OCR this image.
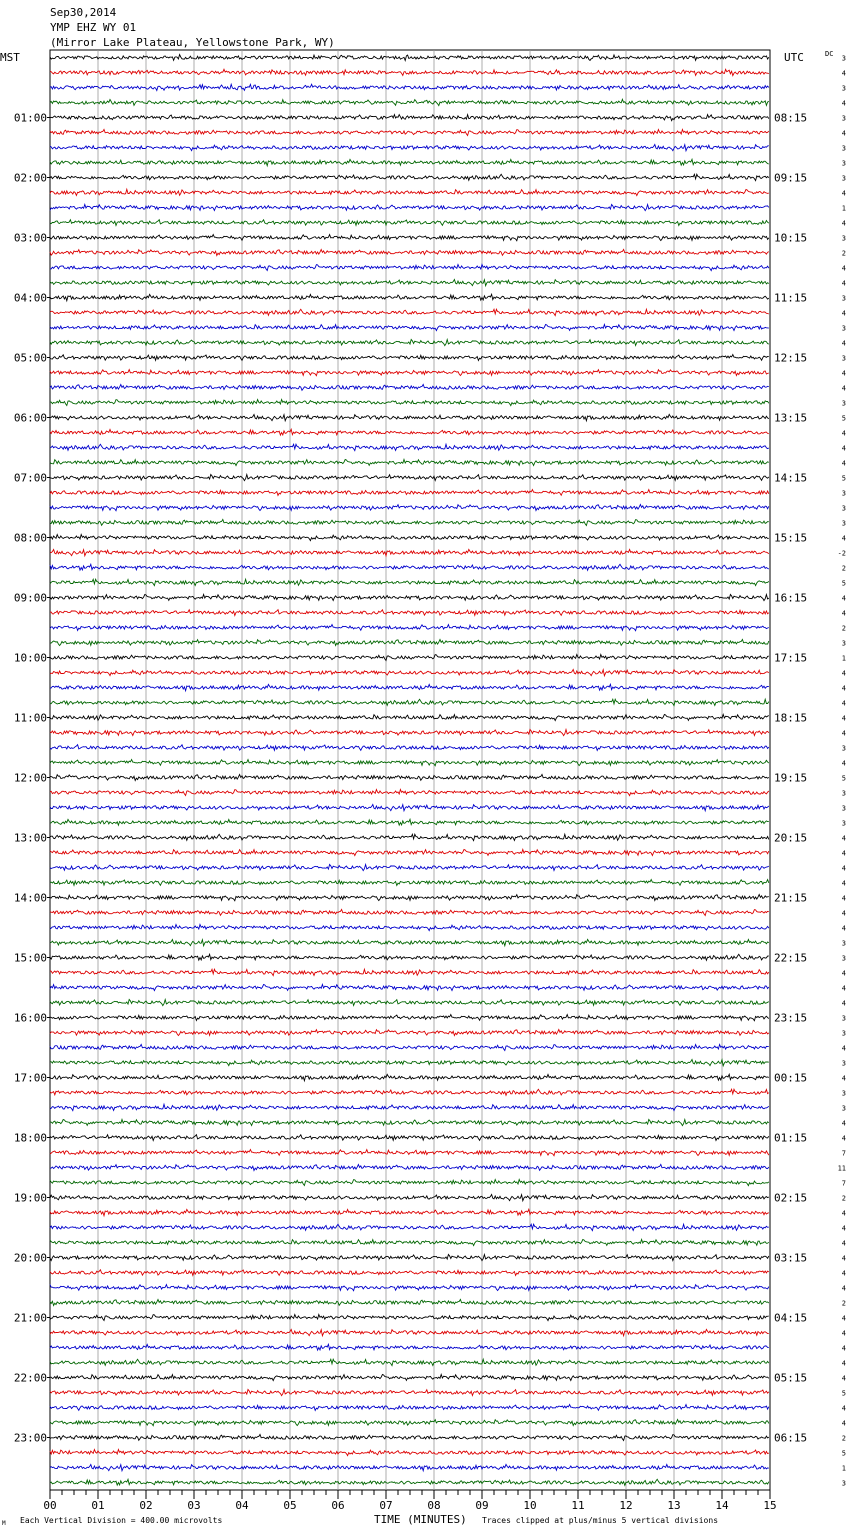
Sep30,2014
YMP EHZ WY 01
(Mirror Lake Plateau, Yellowstone Park, WY)
MST	UTC	DC
01:00
02:00
03:00
04:00
05:00
06:00
07:00
08:00
09:00
10:00
11:00
12:00
13:00
14:00
15:00
16:00
17:00
18:00
19:00
20:00
21:00
22:00
23:00
08:15
09:15
10:15
11:15
12:15
13:15
14:15
15:15
16:15
17:15
18:15
19:15
20:15
21:15
22:15
23:15
00:15
01:15
02:15
03:15
04:15
05:15
06:15
3
4
3
4
3
4
3
3
3
4
1
4
3
2
4
4
3
4
3
4
3
4
4
3
5
4
4
4
5
3
3
3
4
-2
2
5
4
4
2
3
1
4
4
4
4
4
3
4
5
3
3
3
4
4
4
4
4
4
4
3
3
4
4
4
3
3
4
3
4
3
3
4
4
7
11
7
2
4
4
4
4
4
4
2
4
4
4
4
4
5
4
4
2
5
1
3
00	01	02	03	04	05	06	07	08	09	10	11	12	13	14	15
M Each Vertical Division = 400.00 microvolts	TIME (MINUTES) Traces clipped at plus/minus 5 vertical divisions
